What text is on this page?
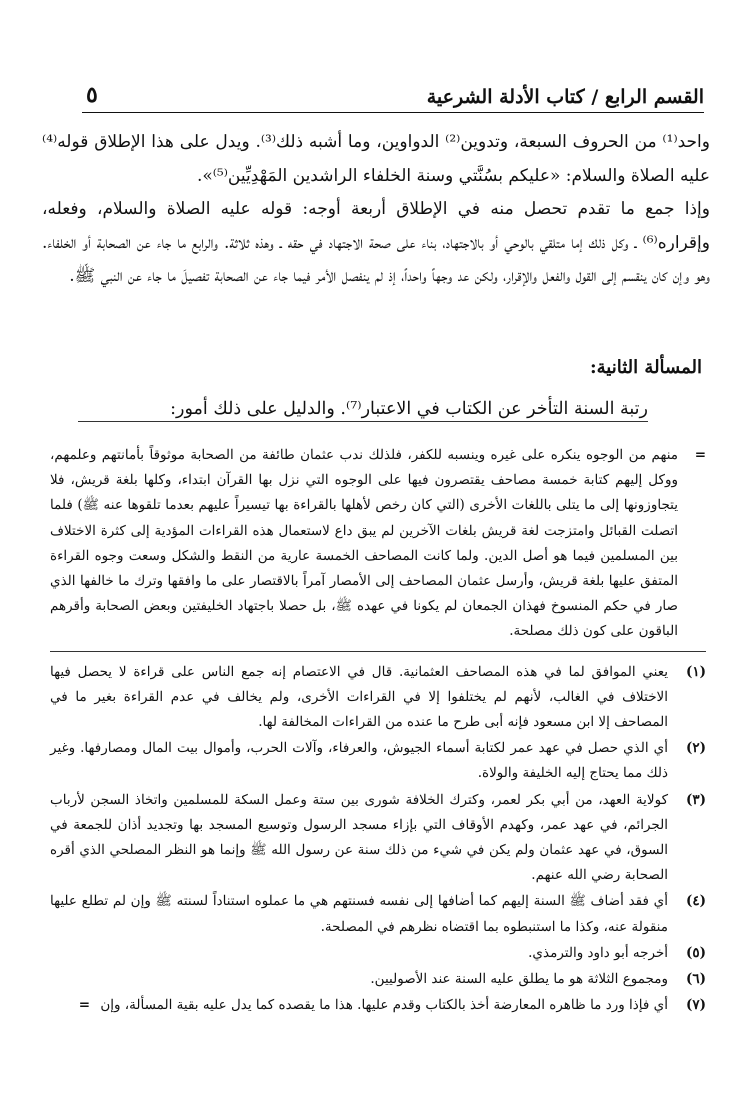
القسم الرابع / كتاب الأدلة الشرعية
٥

واحد⁽¹⁾ من الحروف السبعة، وتدوين⁽²⁾ الدواوين، وما أشبه ذلك⁽³⁾. ويدل على هذا الإطلاق قوله⁽⁴⁾ عليه الصلاة والسلام: «عليكم بسُنَّتي وسنة الخلفاء الراشدين المَهْدِيِّين⁽⁵⁾».

وإذا جمع ما تقدم تحصل منه في الإطلاق أربعة أوجه: قوله عليه الصلاة والسلام، وفعله، وإقراره⁽⁶⁾ ـ وكل ذلك إما متلقي بالوحي أو بالاجتهاد، بناء على صحة الاجتهاد في حقه ـ وهذه ثلاثة. والرابع ما جاء عن الصحابة أو الخلفاء. وهو وإن كان ينقسم إلى القول والفعل والإقرار، ولكن عد وجهاً واحداً، إذ لم ينفصل الأمر فيما جاء عن الصحابة تفصيلَ ما جاء عن النبي ﷺ.

المسألة الثانية:
رتبة السنة التأخر عن الكتاب في الاعتبار⁽⁷⁾. والدليل على ذلك أمور:

=
منهم من الوجوه ينكره على غيره وينسبه للكفر، فلذلك ندب عثمان طائفة من الصحابة موثوقاً بأمانتهم وعلمهم، ووكل إليهم كتابة خمسة مصاحف يقتصرون فيها على الوجوه التي نزل بها القرآن ابتداء، وكلها بلغة قريش، فلا يتجاوزونها إلى ما يتلى باللغات الأخرى (التي كان رخص لأهلها بالقراءة بها تيسيراً عليهم بعدما تلقوها عنه ﷺ) فلما اتصلت القبائل وامتزجت لغة قريش بلغات الآخرين لم يبق داع لاستعمال هذه القراءات المؤدية إلى كثرة الاختلاف بين المسلمين فيما هو أصل الدين. ولما كانت المصاحف الخمسة عارية من النقط والشكل وسعت وجوه القراءة المتفق عليها بلغة قريش، وأرسل عثمان المصاحف إلى الأمصار آمراً بالاقتصار على ما وافقها وترك ما خالفها الذي صار في حكم المنسوخ فهذان الجمعان لم يكونا في عهده ﷺ، بل حصلا باجتهاد الخليفتين وبعض الصحابة وأقرهم الباقون على كون ذلك مصلحة.

(١)
يعني الموافق لما في هذه المصاحف العثمانية. قال في الاعتصام إنه جمع الناس على قراءة لا يحصل فيها الاختلاف في الغالب، لأنهم لم يختلفوا إلا في القراءات الأخرى، ولم يخالف في عدم القراءة بغير ما في المصاحف إلا ابن مسعود فإنه أبى طرح ما عنده من القراءات المخالفة لها.

(٢)
أي الذي حصل في عهد عمر لكتابة أسماء الجيوش، والعرفاء، وآلات الحرب، وأموال بيت المال ومصارفها. وغير ذلك مما يحتاج إليه الخليفة والولاة.

(٣)
كولاية العهد، من أبي بكر لعمر، وكترك الخلافة شورى بين ستة وعمل السكة للمسلمين واتخاذ السجن لأرباب الجرائم، في عهد عمر، وكهدم الأوقاف التي بإزاء مسجد الرسول وتوسيع المسجد بها وتجديد أذان للجمعة في السوق، في عهد عثمان ولم يكن في شيء من ذلك سنة عن رسول الله ﷺ وإنما هو النظر المصلحي الذي أقره الصحابة رضي الله عنهم.

(٤)
أي فقد أضاف ﷺ السنة إليهم كما أضافها إلى نفسه فسنتهم هي ما عملوه استناداً لسنته ﷺ وإن لم تطلع عليها منقولة عنه، وكذا ما استنبطوه بما اقتضاه نظرهم في المصلحة.

(٥)
أخرجه أبو داود والترمذي.

(٦)
ومجموع الثلاثة هو ما يطلق عليه السنة عند الأصوليين.

(٧)
أي فإذا ورد ما ظاهره المعارضة أخذ بالكتاب وقدم عليها. هذا ما يقصده كما يدل عليه بقية المسألة، وإن =
